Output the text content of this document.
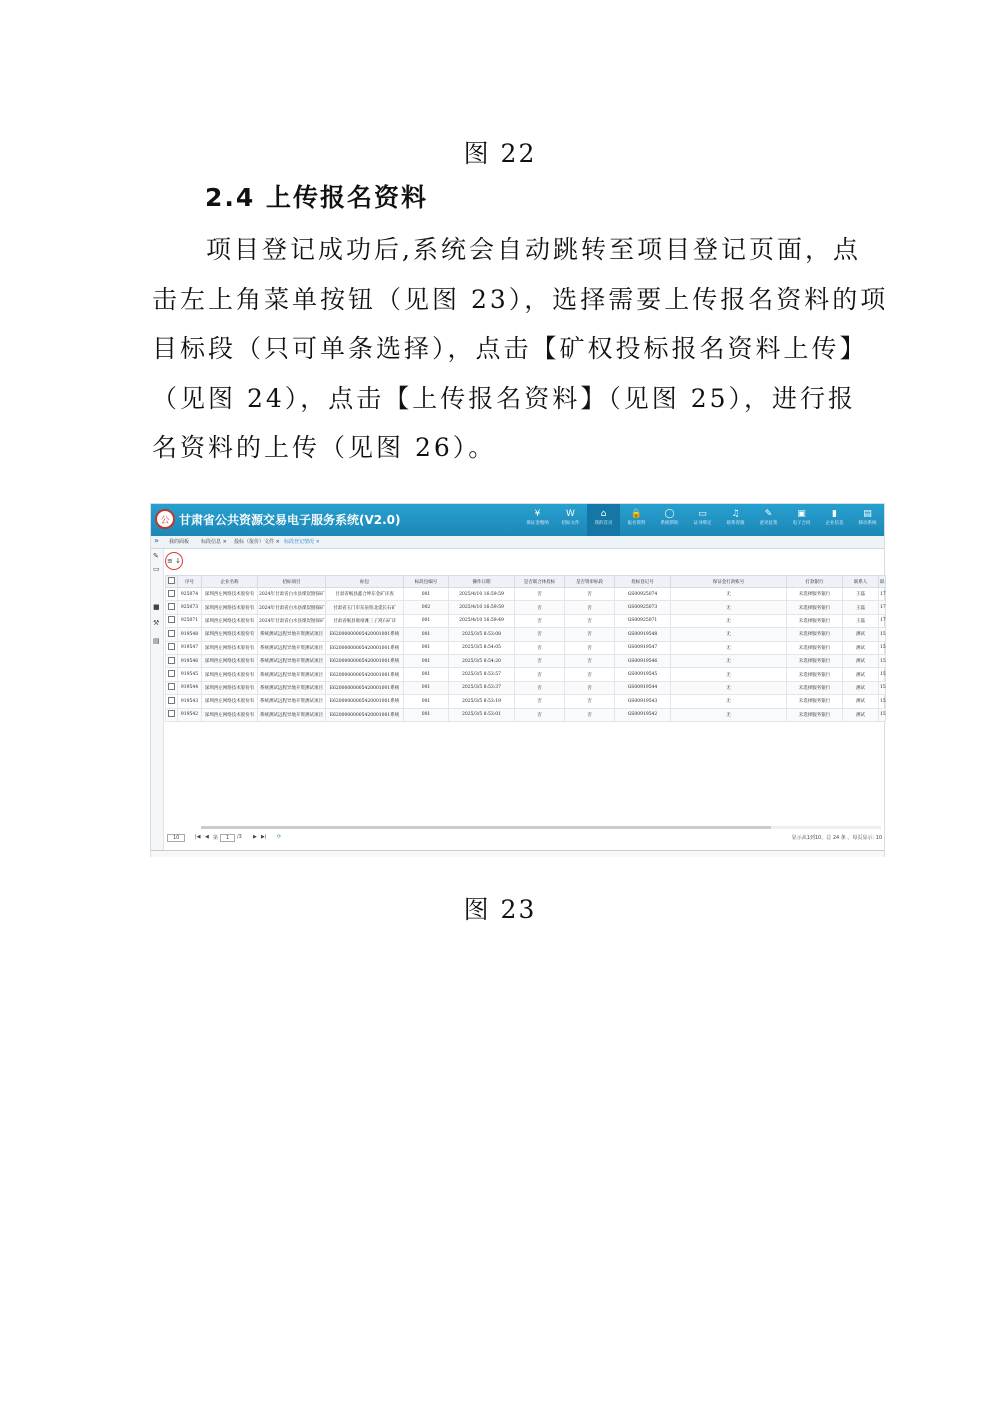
图 22
2.4 上传报名资料
项目登记成功后,系统会自动跳转至项目登记页面，点
击左上角菜单按钮（见图 23），选择需要上传报名资料的项
目标段（只可单条选择），点击【矿权投标报名资料上传】
（见图 24），点击【上传报名资料】（见图 25），进行报
名资料的上传（见图 26）。
公 甘肃省公共资源交易电子服务系统(V2.0)	¥
保证金缴纳
W
招标文件
⌂
我的首页
🔒
报名资料
◯
系统帮助
▭
证书绑定
♫
联系客服
✎
意见征集
▣
电子合同
▮
企业信息
▤
移动系统
» 我的面板 标段信息 × 投标（报价）文件 × 标段登记情况 ×
✎
▭
■
⚒
▤
≡ ↓
	序号	企业名称	招标项目	标包	标段包编号	操作日期	是否联合体投标	是否资审标段	投标登记号	保证金打款账号	打款银行	联系人	联
	925074	深圳西左网络技术股份有	2024年甘肃省白水县煤炭勘探矿	甘肃省岷县鑫合坤东金矿详查	001	2025/4/10 16:59:59	否	否	GS00925074	无	未选择服务银行	王磊	17
	925073	深圳西左网络技术股份有	2024年甘肃省白水县煤炭勘探矿	甘肃省玉门市东泉铁北延长石矿	002	2025/4/10 16:59:59	否	否	GS00925073	无	未选择服务银行	王磊	17
	925071	深圳西左网络技术股份有	2024年甘肃省白水县煤炭勘探矿	甘肃省岷县康靖滩三子窝石矿详	001	2025/4/10 16:59:49	否	否	GS00925071	无	未选择服务银行	王磊	17
	919548	深圳西左网络技术股份有	系统测试远程异地开资测试项目	E62000000005420001001系统	001	2025/3/5 8:53:08	否	否	GS00919548	无	未选择服务银行	测试	15
	919547	深圳西左网络技术股份有	系统测试远程异地开资测试项目	E62000000005420001001系统	001	2025/3/5 8:54:05	否	否	GS00919547	无	未选择服务银行	测试	15
	919546	深圳西左网络技术股份有	系统测试远程异地开资测试项目	E62000000005420001001系统	001	2025/3/5 8:54:20	否	否	GS00919546	无	未选择服务银行	测试	15
	919545	深圳西左网络技术股份有	系统测试远程异地开资测试项目	E62000000005420001001系统	001	2025/3/5 8:53:57	否	否	GS00919545	无	未选择服务银行	测试	15
	919544	深圳西左网络技术股份有	系统测试远程异地开资测试项目	E62000000005420001001系统	001	2025/3/5 8:53:37	否	否	GS00919544	无	未选择服务银行	测试	15
	919543	深圳西左网络技术股份有	系统测试远程异地开资测试项目	E62000000005420001001系统	001	2025/3/5 8:53:19	否	否	GS00919543	无	未选择服务银行	测试	15
	919542	深圳西左网络技术股份有	系统测试远程异地开资测试项目	E62000000005420001001系统	001	2025/3/5 8:53:01	否	否	GS00919542	无	未选择服务银行	测试	15
10	|◀ ◀ 第	1	/3 ▶ ▶| ⟳	显示从1到10，总 24 条 。每页显示: 10
图 23
